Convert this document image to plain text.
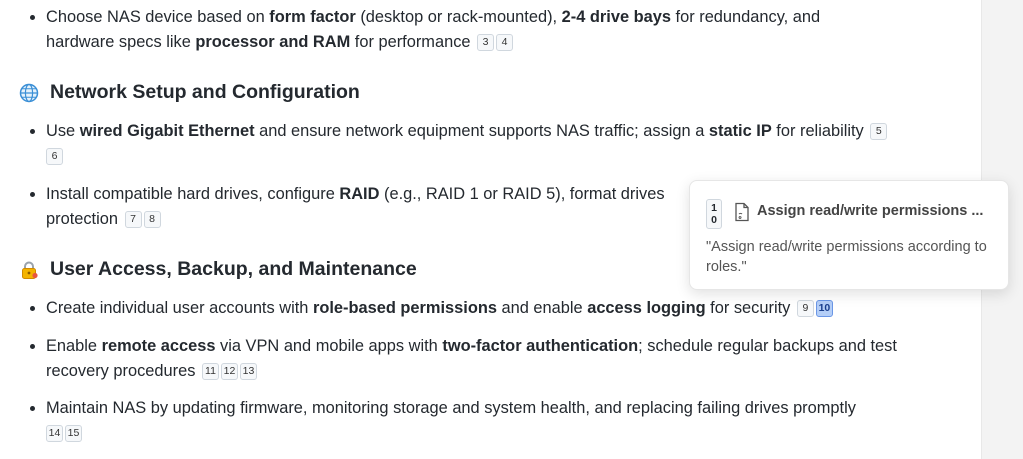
Choose NAS device based on form factor (desktop or rack-mounted), 2-4 drive bays for redundancy, and
hardware specs like processor and RAM for performance 3 4
Network Setup and Configuration
Use wired Gigabit Ethernet and ensure network equipment supports NAS traffic; assign a static IP for reliability 5
6
Install compatible hard drives, configure RAID (e.g., RAID 1 or RAID 5), format drives
protection 7 8
User Access, Backup, and Maintenance
Create individual user accounts with role-based permissions and enable access logging for security 9 10
Enable remote access via VPN and mobile apps with two-factor authentication; schedule regular backups and test
recovery procedures 11 12 13
Maintain NAS by updating firmware, monitoring storage and system health, and replacing failing drives promptly
14 15
1
0
Assign read/write permissions ...
"Assign read/write permissions according to roles."
